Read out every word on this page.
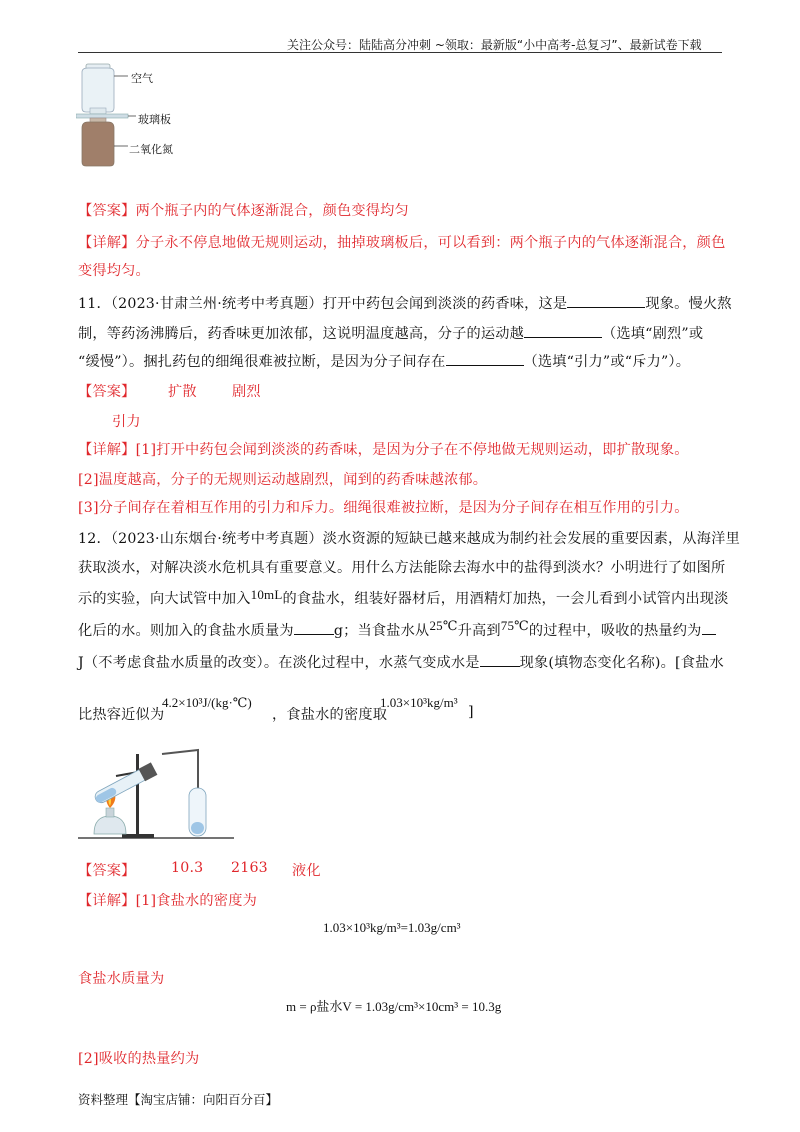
关注公众号：陆陆高分冲刺 ~领取：最新版“小中高考-总复习”、最新试卷下载
空气
玻璃板
二氧化氮
【答案】两个瓶子内的气体逐渐混合，颜色变得均匀
【详解】分子永不停息地做无规则运动，抽掉玻璃板后，可以看到：两个瓶子内的气体逐渐混合，颜色
变得均匀。
11．（2023·甘肃兰州·统考中考真题）打开中药包会闻到淡淡的药香味，这是	现象。慢火熬
制，等药汤沸腾后，药香味更加浓郁，这说明温度越高，分子的运动越	（选填“剧烈”或
“缓慢”）。捆扎药包的细绳很难被拉断，是因为分子间存在	（选填“引力”或“斥力”）。
【答案】 扩散 剧烈
引力
【详解】[1]打开中药包会闻到淡淡的药香味，是因为分子在不停地做无规则运动，即扩散现象。
[2]温度越高，分子的无规则运动越剧烈，闻到的药香味越浓郁。
[3]分子间存在着相互作用的引力和斥力。细绳很难被拉断，是因为分子间存在相互作用的引力。
12．（2023·山东烟台·统考中考真题）淡水资源的短缺已越来越成为制约社会发展的重要因素，从海洋里
获取淡水，对解决淡水危机具有重要意义。用什么方法能除去海水中的盐得到淡水？小明进行了如图所
示的实验，向大试管中加入10mL的食盐水，组装好器材后，用酒精灯加热，一会儿看到小试管内出现淡
化后的水。则加入的食盐水质量为	g；当食盐水从25℃升高到75℃的过程中，吸收的热量约为
J（不考虑食盐水质量的改变）。在淡化过程中，水蒸气变成水是	现象(填物态变化名称)。[食盐水
比热容近似为
4.2×10³J/(kg·℃)
，食盐水的密度取
1.03×10³kg/m³
]
【答案】 10.3 2163 液化
【详解】[1]食盐水的密度为
1.03×10³kg/m³=1.03g/cm³
食盐水质量为
m = ρ盐水V = 1.03g/cm³×10cm³ = 10.3g
[2]吸收的热量约为
资料整理【淘宝店铺：向阳百分百】
